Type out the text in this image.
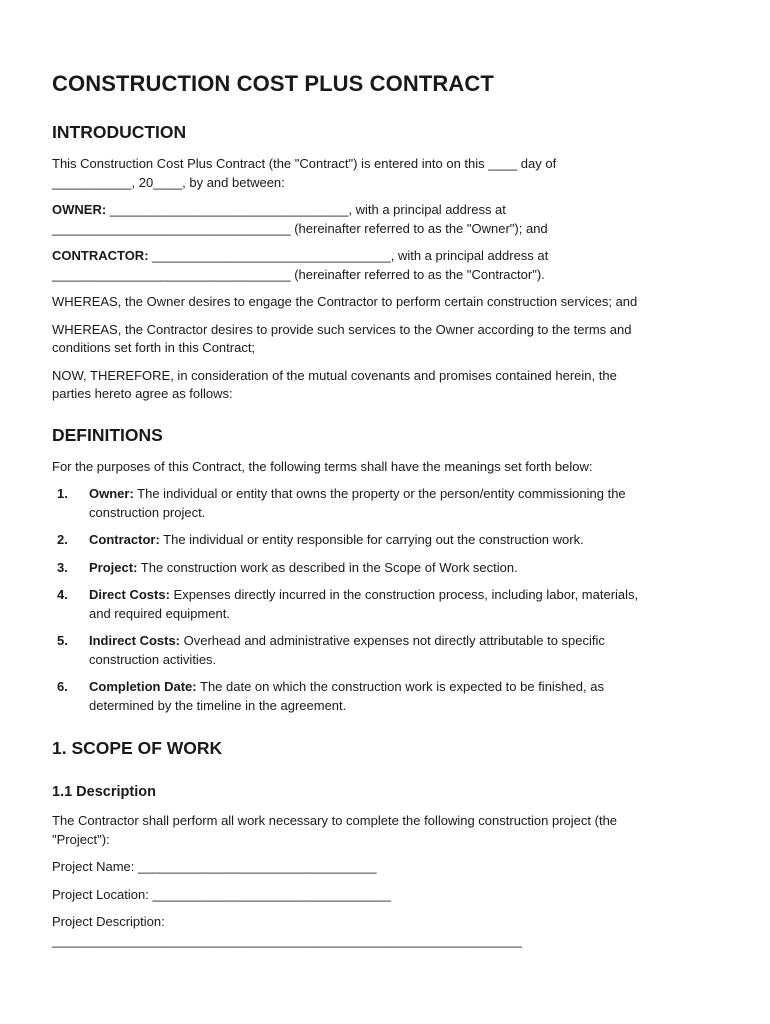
CONSTRUCTION COST PLUS CONTRACT
INTRODUCTION

This Construction Cost Plus Contract (the "Contract") is entered into on this ____ day of

___________, 20____, by and between:

OWNER: _________________________________, with a principal address at

_________________________________ (hereinafter referred to as the "Owner"); and

CONTRACTOR: _________________________________, with a principal address at

_________________________________ (hereinafter referred to as the "Contractor").

WHEREAS, the Owner desires to engage the Contractor to perform certain construction services; and

WHEREAS, the Contractor desires to provide such services to the Owner according to the terms and

conditions set forth in this Contract;

NOW, THEREFORE, in consideration of the mutual covenants and promises contained herein, the

parties hereto agree as follows:

DEFINITIONS

For the purposes of this Contract, the following terms shall have the meanings set forth below:

1. Owner: The individual or entity that owns the property or the person/entity commissioning the
construction project.
2. Contractor: The individual or entity responsible for carrying out the construction work.
3. Project: The construction work as described in the Scope of Work section.
4. Direct Costs: Expenses directly incurred in the construction process, including labor, materials,
and required equipment.
5. Indirect Costs: Overhead and administrative expenses not directly attributable to specific
construction activities.
6. Completion Date: The date on which the construction work is expected to be finished, as
determined by the timeline in the agreement.
1. SCOPE OF WORK
1.1 Description

The Contractor shall perform all work necessary to complete the following construction project (the

"Project"):

Project Name: _________________________________

Project Location: _________________________________

Project Description:

_________________________________________________________________
